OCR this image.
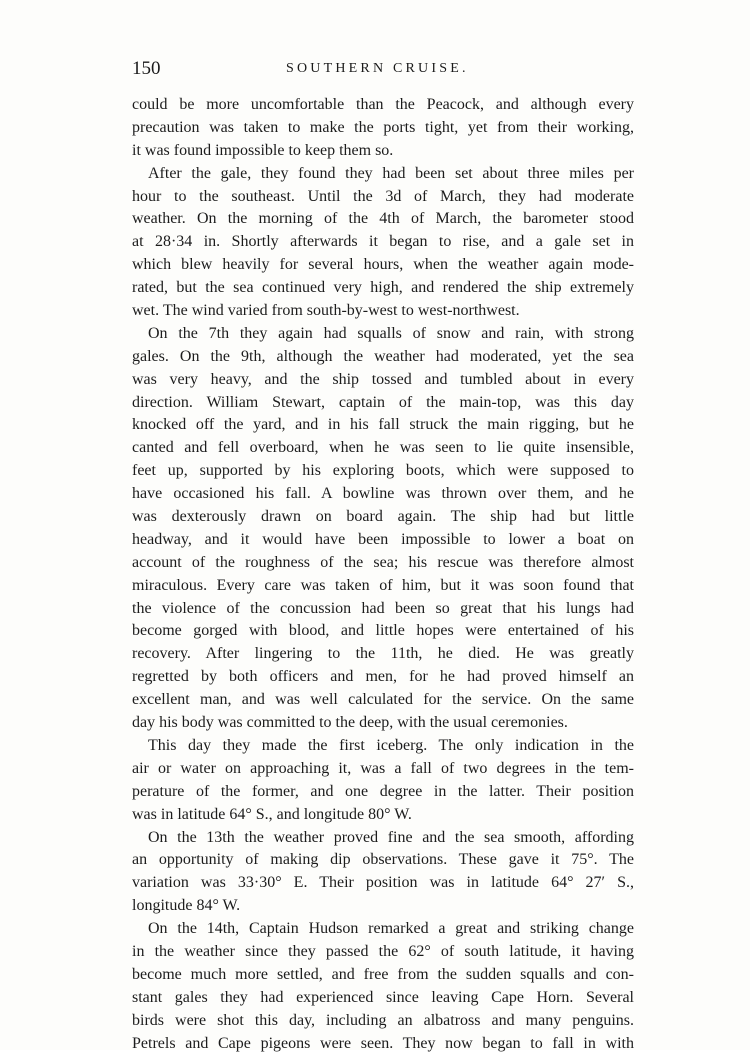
150	SOUTHERN CRUISE.
could be more uncomfortable than the Peacock, and although every
precaution was taken to make the ports tight, yet from their working,
it was found impossible to keep them so.
After the gale, they found they had been set about three miles per
hour to the southeast. Until the 3d of March, they had moderate
weather. On the morning of the 4th of March, the barometer stood
at 28·34 in. Shortly afterwards it began to rise, and a gale set in
which blew heavily for several hours, when the weather again mode-
rated, but the sea continued very high, and rendered the ship extremely
wet. The wind varied from south-by-west to west-northwest.
On the 7th they again had squalls of snow and rain, with strong
gales. On the 9th, although the weather had moderated, yet the sea
was very heavy, and the ship tossed and tumbled about in every
direction. William Stewart, captain of the main-top, was this day
knocked off the yard, and in his fall struck the main rigging, but he
canted and fell overboard, when he was seen to lie quite insensible,
feet up, supported by his exploring boots, which were supposed to
have occasioned his fall. A bowline was thrown over them, and he
was dexterously drawn on board again. The ship had but little
headway, and it would have been impossible to lower a boat on
account of the roughness of the sea; his rescue was therefore almost
miraculous. Every care was taken of him, but it was soon found that
the violence of the concussion had been so great that his lungs had
become gorged with blood, and little hopes were entertained of his
recovery. After lingering to the 11th, he died. He was greatly
regretted by both officers and men, for he had proved himself an
excellent man, and was well calculated for the service. On the same
day his body was committed to the deep, with the usual ceremonies.
This day they made the first iceberg. The only indication in the
air or water on approaching it, was a fall of two degrees in the tem-
perature of the former, and one degree in the latter. Their position
was in latitude 64° S., and longitude 80° W.
On the 13th the weather proved fine and the sea smooth, affording
an opportunity of making dip observations. These gave it 75°. The
variation was 33·30° E. Their position was in latitude 64° 27′ S.,
longitude 84° W.
On the 14th, Captain Hudson remarked a great and striking change
in the weather since they passed the 62° of south latitude, it having
become much more settled, and free from the sudden squalls and con-
stant gales they had experienced since leaving Cape Horn. Several
birds were shot this day, including an albatross and many penguins.
Petrels and Cape pigeons were seen. They now began to fall in with
